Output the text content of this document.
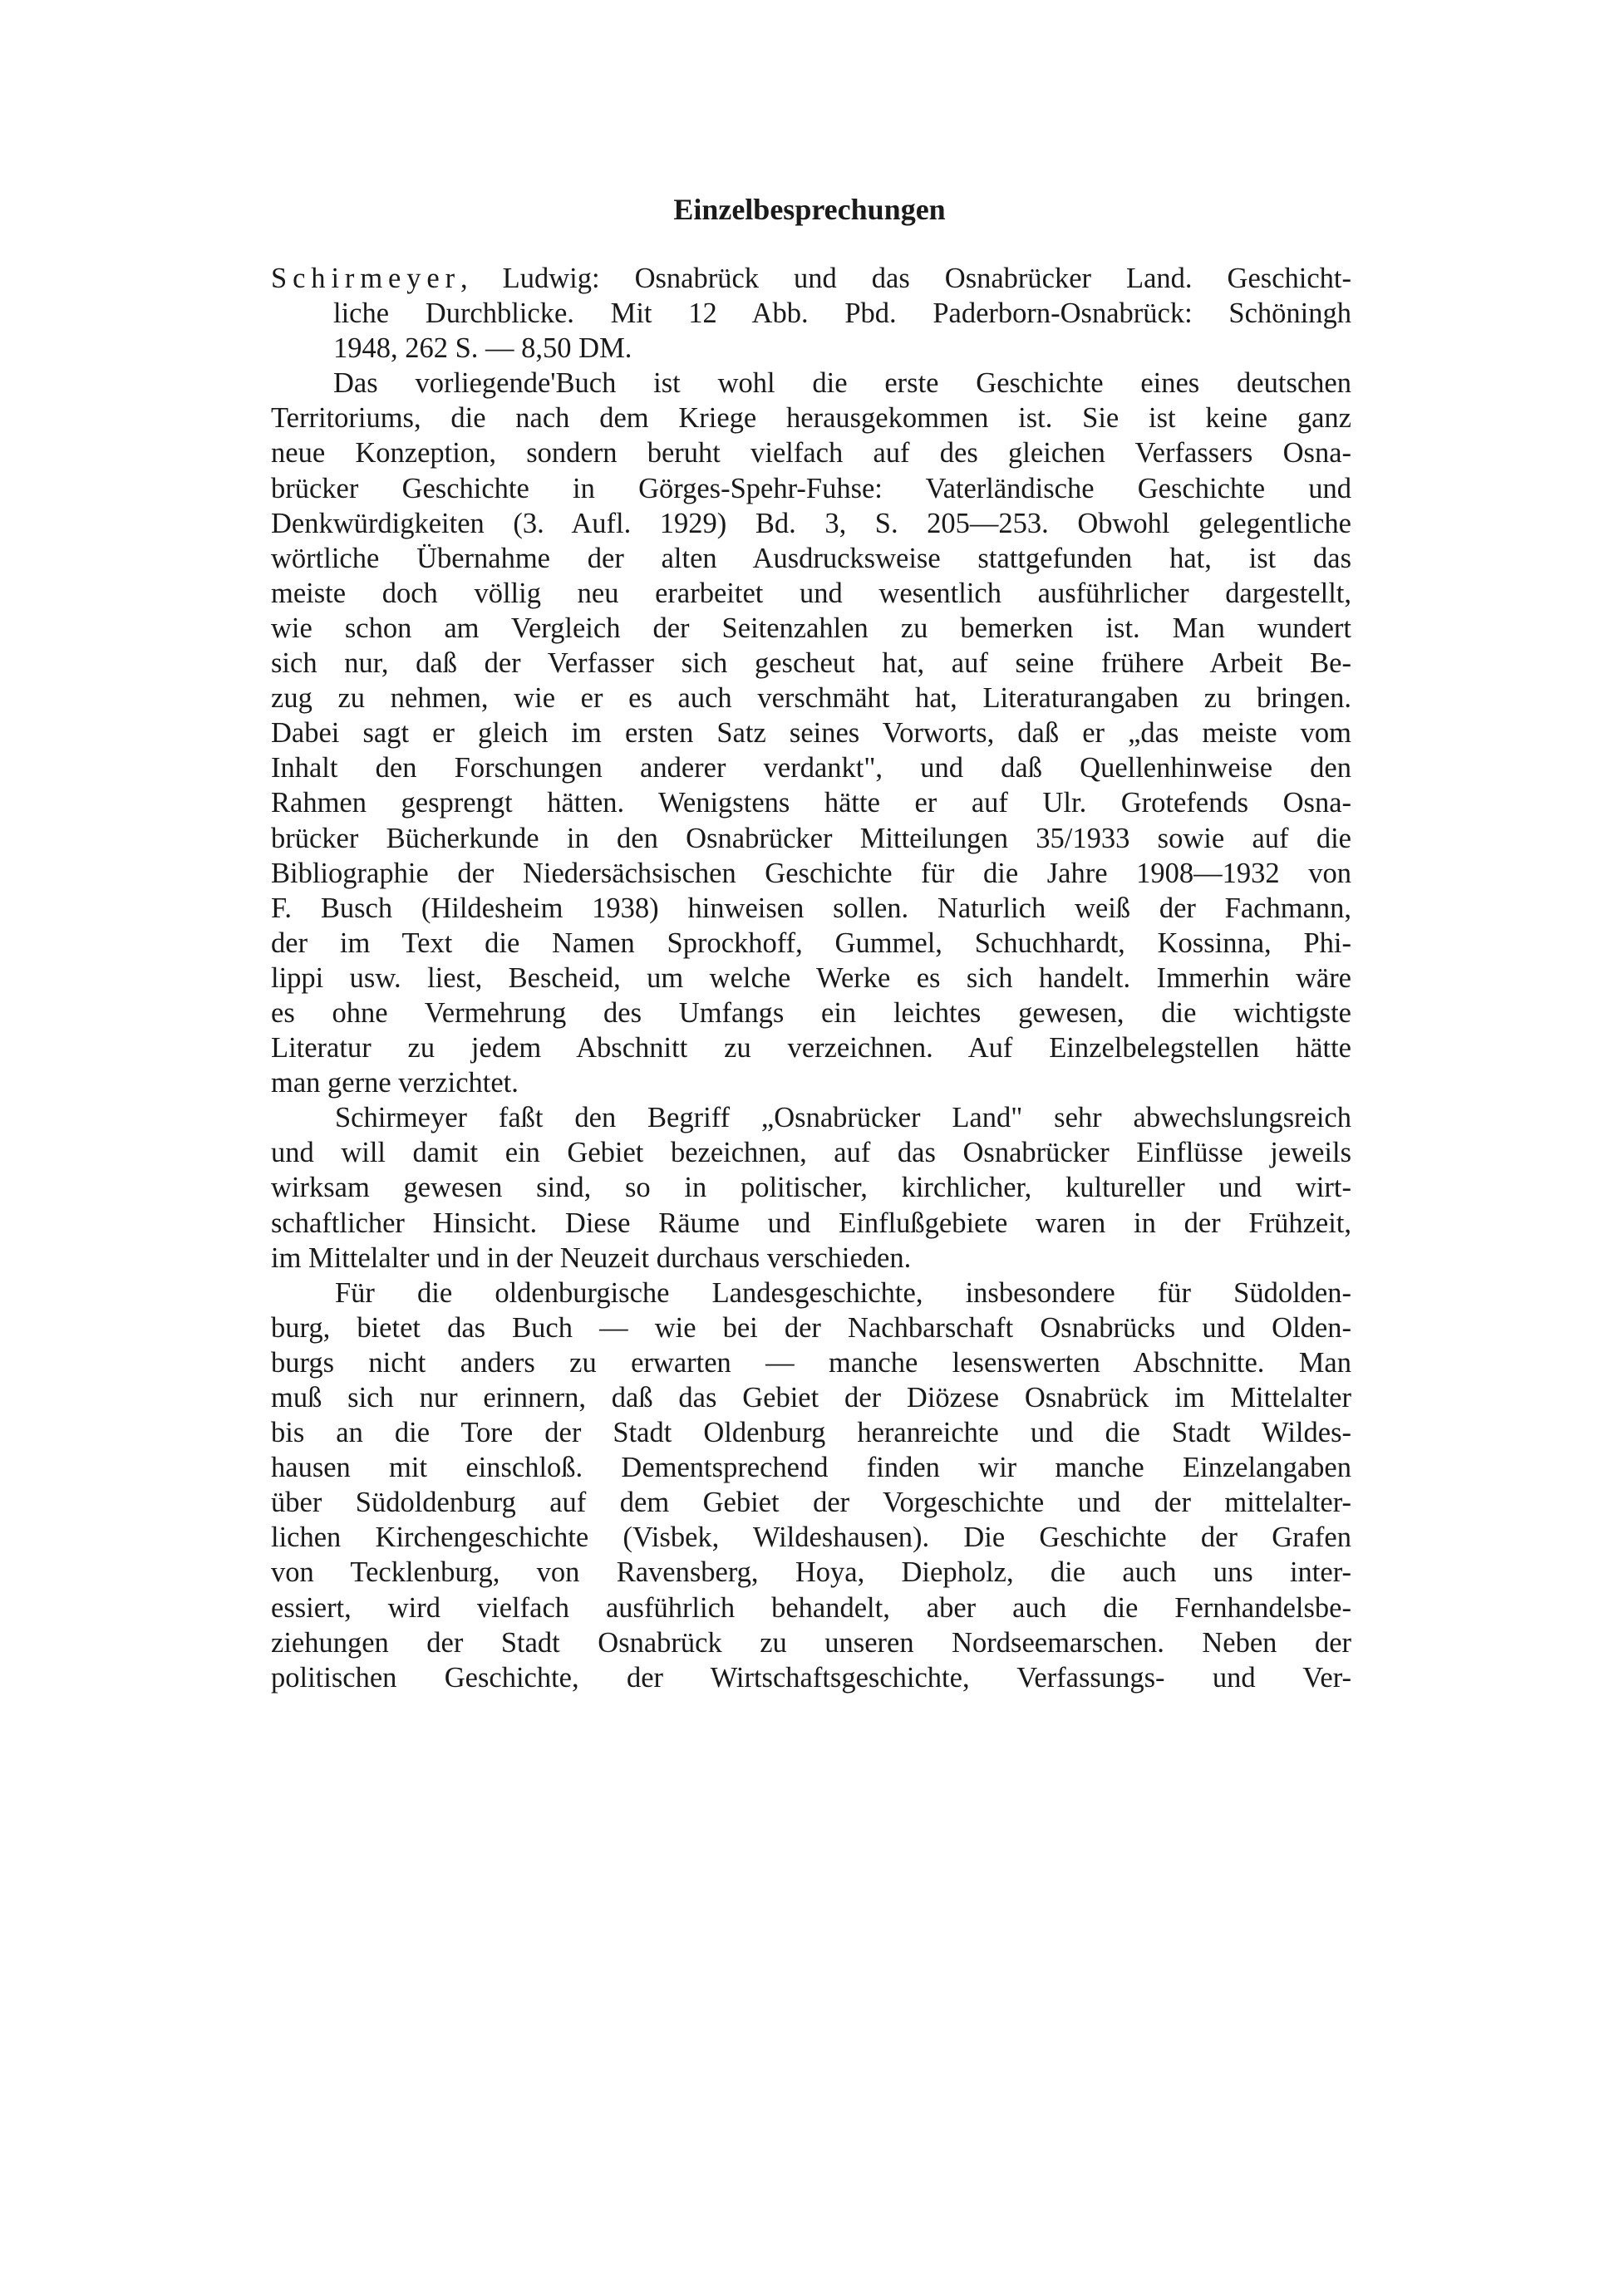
Einzelbesprechungen
Schirmeyer, Ludwig: Osnabrück und das Osnabrücker Land. Geschicht-
liche Durchblicke. Mit 12 Abb. Pbd. Paderborn-Osnabrück: Schöningh
1948, 262 S. — 8,50 DM.
Das vorliegende'Buch ist wohl die erste Geschichte eines deutschen
Territoriums, die nach dem Kriege herausgekommen ist. Sie ist keine ganz
neue Konzeption, sondern beruht vielfach auf des gleichen Verfassers Osna-
brücker Geschichte in Görges-Spehr-Fuhse: Vaterländische Geschichte und
Denkwürdigkeiten (3. Aufl. 1929) Bd. 3, S. 205—253. Obwohl gelegentliche
wörtliche Übernahme der alten Ausdrucksweise stattgefunden hat, ist das
meiste doch völlig neu erarbeitet und wesentlich ausführlicher dargestellt,
wie schon am Vergleich der Seitenzahlen zu bemerken ist. Man wundert
sich nur, daß der Verfasser sich gescheut hat, auf seine frühere Arbeit Be-
zug zu nehmen, wie er es auch verschmäht hat, Literaturangaben zu bringen.
Dabei sagt er gleich im ersten Satz seines Vorworts, daß er „das meiste vom
Inhalt den Forschungen anderer verdankt", und daß Quellenhinweise den
Rahmen gesprengt hätten. Wenigstens hätte er auf Ulr. Grotefends Osna-
brücker Bücherkunde in den Osnabrücker Mitteilungen 35/1933 sowie auf die
Bibliographie der Niedersächsischen Geschichte für die Jahre 1908—1932 von
F. Busch (Hildesheim 1938) hinweisen sollen. Naturlich weiß der Fachmann,
der im Text die Namen Sprockhoff, Gummel, Schuchhardt, Kossinna, Phi-
lippi usw. liest, Bescheid, um welche Werke es sich handelt. Immerhin wäre
es ohne Vermehrung des Umfangs ein leichtes gewesen, die wichtigste
Literatur zu jedem Abschnitt zu verzeichnen. Auf Einzelbelegstellen hätte
man gerne verzichtet.
Schirmeyer faßt den Begriff „Osnabrücker Land" sehr abwechslungsreich
und will damit ein Gebiet bezeichnen, auf das Osnabrücker Einflüsse jeweils
wirksam gewesen sind, so in politischer, kirchlicher, kultureller und wirt-
schaftlicher Hinsicht. Diese Räume und Einflußgebiete waren in der Frühzeit,
im Mittelalter und in der Neuzeit durchaus verschieden.
Für die oldenburgische Landesgeschichte, insbesondere für Südolden-
burg, bietet das Buch — wie bei der Nachbarschaft Osnabrücks und Olden-
burgs nicht anders zu erwarten — manche lesenswerten Abschnitte. Man
muß sich nur erinnern, daß das Gebiet der Diözese Osnabrück im Mittelalter
bis an die Tore der Stadt Oldenburg heranreichte und die Stadt Wildes-
hausen mit einschloß. Dementsprechend finden wir manche Einzelangaben
über Südoldenburg auf dem Gebiet der Vorgeschichte und der mittelalter-
lichen Kirchengeschichte (Visbek, Wildeshausen). Die Geschichte der Grafen
von Tecklenburg, von Ravensberg, Hoya, Diepholz, die auch uns inter-
essiert, wird vielfach ausführlich behandelt, aber auch die Fernhandelsbe-
ziehungen der Stadt Osnabrück zu unseren Nordseemarschen. Neben der
politischen Geschichte, der Wirtschaftsgeschichte, Verfassungs- und Ver-
